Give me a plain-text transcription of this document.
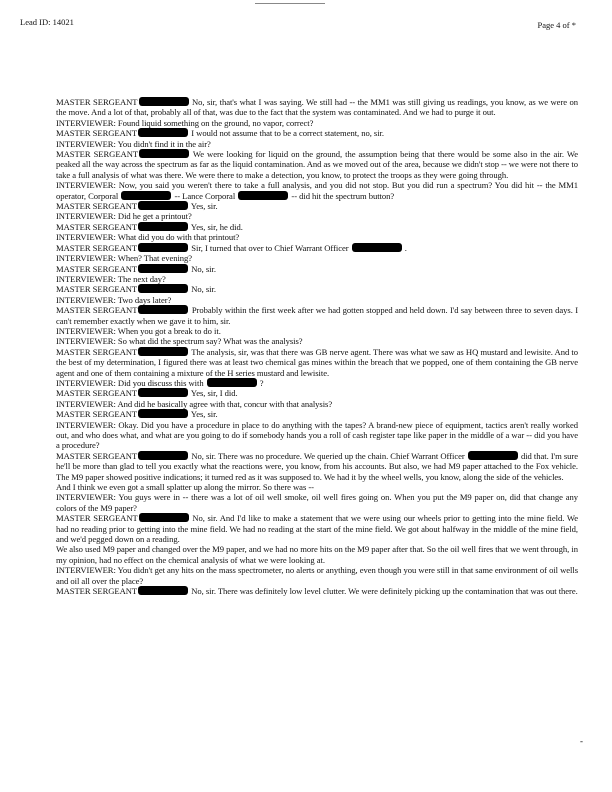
Lead ID: 14021	Page 4 of *

MASTER SERGEANT	No, sir, that's what I was saying. We still had -- the MM1 was still giving us readings, you know, as we were on the move. And a lot of that, probably all of that, was due to the fact that the system was contaminated. And we had to purge it out.

INTERVIEWER: Found liquid something on the ground, no vapor, correct?

MASTER SERGEANT	I would not assume that to be a correct statement, no, sir.

INTERVIEWER: You didn't find it in the air?

MASTER SERGEANT	We were looking for liquid on the ground, the assumption being that there would be some also in the air. We peaked all the way across the spectrum as far as the liquid contamination. And as we moved out of the area, because we didn't stop -- we were not there to take a full analysis of what was there. We were there to make a detection, you know, to protect the troops as they were going through.

INTERVIEWER: Now, you said you weren't there to take a full analysis, and you did not stop. But you did run a spectrum? You did hit -- the MM1 operator, Corporal	-- Lance Corporal	-- did hit the spectrum button?

MASTER SERGEANT	Yes, sir.

INTERVIEWER: Did he get a printout?

MASTER SERGEANT	Yes, sir, he did.

INTERVIEWER: What did you do with that printout?

MASTER SERGEANT	Sir, I turned that over to Chief Warrant Officer	.

INTERVIEWER: When? That evening?

MASTER SERGEANT	No, sir.

INTERVIEWER: The next day?

MASTER SERGEANT	No, sir.

INTERVIEWER: Two days later?

MASTER SERGEANT	Probably within the first week after we had gotten stopped and held down. I'd say between three to seven days. I can't remember exactly when we gave it to him, sir.

INTERVIEWER: When you got a break to do it.

INTERVIEWER: So what did the spectrum say? What was the analysis?

MASTER SERGEANT	The analysis, sir, was that there was GB nerve agent. There was what we saw as HQ mustard and lewisite. And to the best of my determination, I figured there was at least two chemical gas mines within the breach that we popped, one of them containing the GB nerve agent and one of them containing a mixture of the H series mustard and lewisite.

INTERVIEWER: Did you discuss this with	?

MASTER SERGEANT	Yes, sir, I did.

INTERVIEWER: And did he basically agree with that, concur with that analysis?

MASTER SERGEANT	Yes, sir.

INTERVIEWER: Okay. Did you have a procedure in place to do anything with the tapes? A brand-new piece of equipment, tactics aren't really worked out, and who does what, and what are you going to do if somebody hands you a roll of cash register tape like paper in the middle of a war -- did you have a procedure?

MASTER SERGEANT	No, sir. There was no procedure. We queried up the chain. Chief Warrant Officer	did that. I'm sure he'll be more than glad to tell you exactly what the reactions were, you know, from his accounts. But also, we had M9 paper attached to the Fox vehicle. The M9 paper showed positive indications; it turned red as it was supposed to. We had it by the wheel wells, you know, along the side of the vehicles.

And I think we even got a small splatter up along the mirror. So there was --

INTERVIEWER: You guys were in -- there was a lot of oil well smoke, oil well fires going on. When you put the M9 paper on, did that change any colors of the M9 paper?

MASTER SERGEANT	No, sir. And I'd like to make a statement that we were using our wheels prior to getting into the mine field. We had no reading prior to getting into the mine field. We had no reading at the start of the mine field. We got about halfway in the middle of the mine field, and we'd pegged down on a reading.

We also used M9 paper and changed over the M9 paper, and we had no more hits on the M9 paper after that. So the oil well fires that we went through, in my opinion, had no effect on the chemical analysis of what we were looking at.

INTERVIEWER: You didn't get any hits on the mass spectrometer, no alerts or anything, even though you were still in that same environment of oil wells and oil all over the place?

MASTER SERGEANT	No, sir. There was definitely low level clutter. We were definitely picking up the contamination that was out there.

-
